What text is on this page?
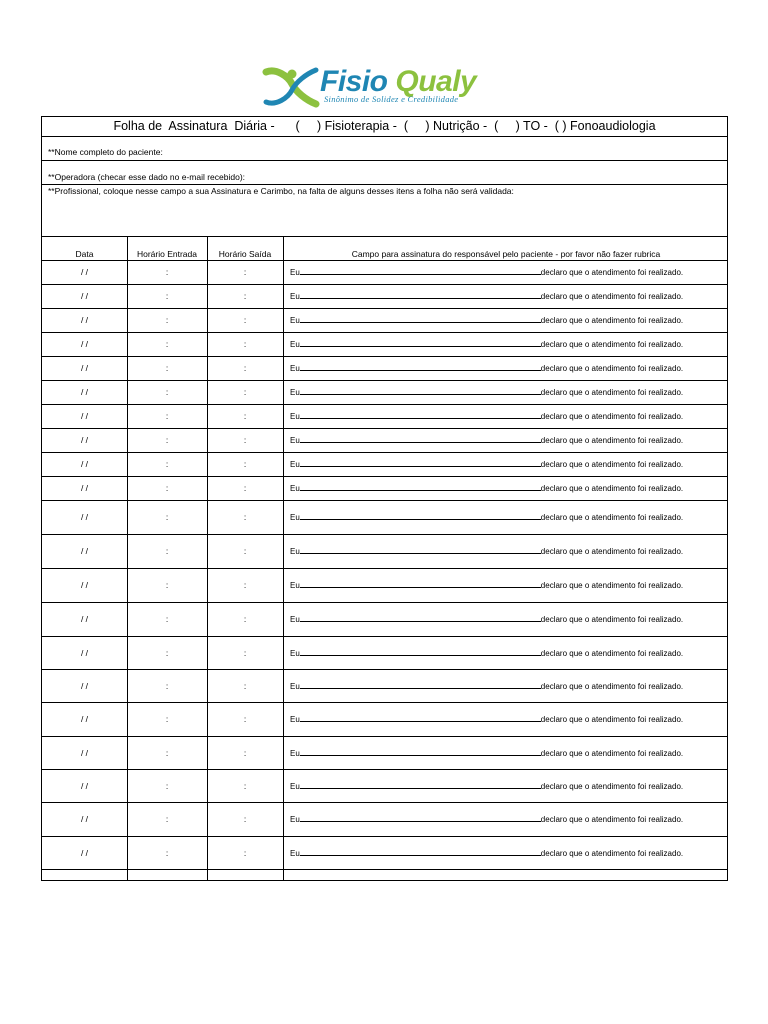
Fisio Qualy
Sinônimo de Solidez e Credibilidade
Folha de  Assinatura  Diária -      (     ) Fisioterapia -  (     ) Nutrição -  (     ) TO -  ( ) Fonoaudiologia
**Nome completo do paciente:
**Operadora (checar esse dado no e-mail recebido):
**Profissional, coloque nesse campo a sua Assinatura e Carimbo, na falta de alguns desses itens a folha não será validada:
Data	Horário Entrada	Horário Saída	Campo para assinatura do responsável pelo paciente - por favor não fazer rubrica
/ /	:	:	Eu	declaro que o atendimento foi realizado.
/ /	:	:	Eu	declaro que o atendimento foi realizado.
/ /	:	:	Eu	declaro que o atendimento foi realizado.
/ /	:	:	Eu	declaro que o atendimento foi realizado.
/ /	:	:	Eu	declaro que o atendimento foi realizado.
/ /	:	:	Eu	declaro que o atendimento foi realizado.
/ /	:	:	Eu	declaro que o atendimento foi realizado.
/ /	:	:	Eu	declaro que o atendimento foi realizado.
/ /	:	:	Eu	declaro que o atendimento foi realizado.
/ /	:	:	Eu	declaro que o atendimento foi realizado.
/ /	:	:	Eu	declaro que o atendimento foi realizado.
/ /	:	:	Eu	declaro que o atendimento foi realizado.
/ /	:	:	Eu	declaro que o atendimento foi realizado.
/ /	:	:	Eu	declaro que o atendimento foi realizado.
/ /	:	:	Eu	declaro que o atendimento foi realizado.
/ /	:	:	Eu	declaro que o atendimento foi realizado.
/ /	:	:	Eu	declaro que o atendimento foi realizado.
/ /	:	:	Eu	declaro que o atendimento foi realizado.
/ /	:	:	Eu	declaro que o atendimento foi realizado.
/ /	:	:	Eu	declaro que o atendimento foi realizado.
/ /	:	:	Eu	declaro que o atendimento foi realizado.
